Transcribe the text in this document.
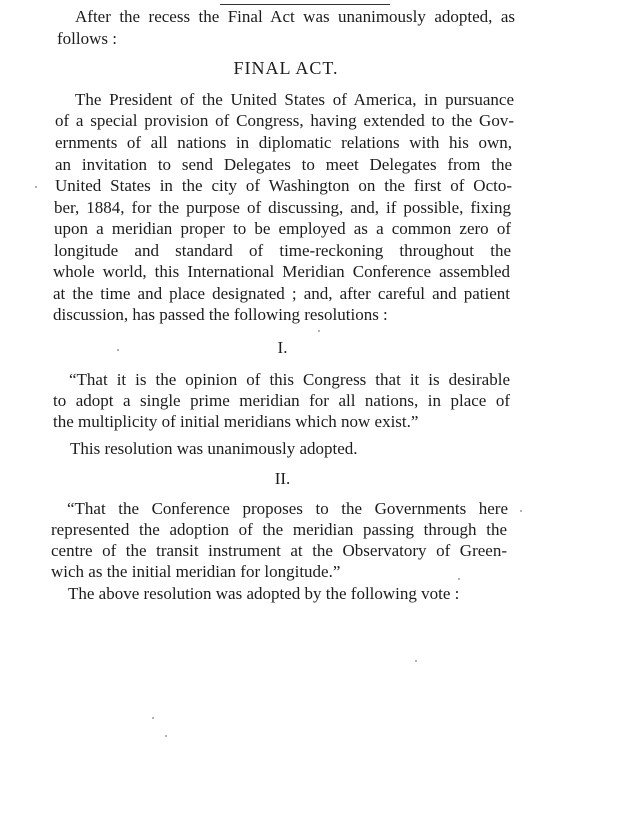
After the recess the Final Act was unanimously adopted, as
follows :
FINAL ACT.
The President of the United States of America, in pursuance
of a special provision of Congress, having extended to the Gov-
ernments of all nations in diplomatic relations with his own,
an invitation to send Delegates to meet Delegates from the
United States in the city of Washington on the first of Octo-
ber, 1884, for the purpose of discussing, and, if possible, fixing
upon a meridian proper to be employed as a common zero of
longitude and standard of time-reckoning throughout the
whole world, this International Meridian Conference assembled
at the time and place designated ; and, after careful and patient
discussion, has passed the following resolutions :
I.
“That it is the opinion of this Congress that it is desirable
to adopt a single prime meridian for all nations, in place of
the multiplicity of initial meridians which now exist.”
This resolution was unanimously adopted.
II.
“That the Conference proposes to the Governments here
represented the adoption of the meridian passing through the
centre of the transit instrument at the Observatory of Green-
wich as the initial meridian for longitude.”
The above resolution was adopted by the following vote :
